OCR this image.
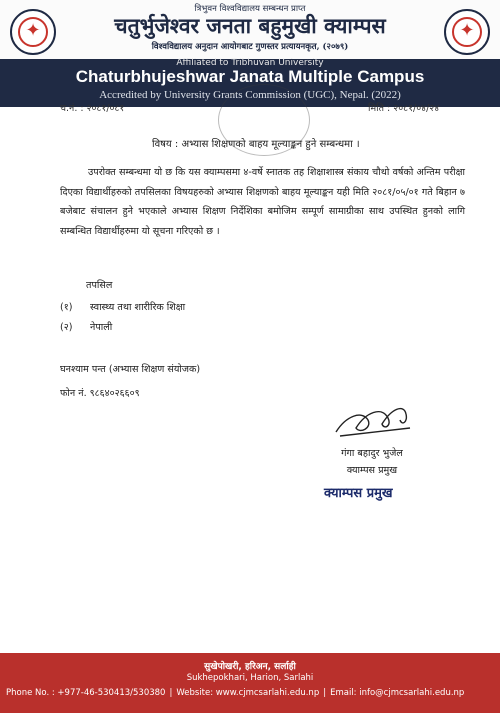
✦
✦
त्रिभुवन विश्वविद्यालय सम्बन्धन प्राप्त
चतुर्भुजेश्वर जनता बहुमुखी क्याम्पस
विश्वविद्यालय अनुदान आयोगबाट गुणस्तर प्रत्यायनकृत, (२०७९)
Affiliated to Tribhuvan University
Chaturbhujeshwar Janata Multiple Campus
Accredited by University Grants Commission (UGC), Nepal. (2022)
च.नं. : २०८१/०८१	मिति : २०८१/०४/२४
विषय : अभ्यास शिक्षणको बाहय मूल्याङ्कन हुने सम्बन्धमा ।
उपरोक्त सम्बन्धमा यो छ कि यस क्याम्पसमा ४-वर्षे स्नातक तह शिक्षाशास्त्र संकाय चौथो वर्षको अन्तिम परीक्षा दिएका विद्यार्थीहरुको तपसिलका विषयहरुको अभ्यास शिक्षणको बाहय मूल्याङ्कन यही मिति २०८१/०५/०१ गते बिहान ७ बजेबाट संचालन हुने भएकाले अभ्यास शिक्षण निर्देशिका बमोजिम सम्पूर्ण सामाग्रीका साथ उपस्थित हुनको लागि सम्बन्धित विद्यार्थीहरुमा यो सूचना गरिएको छ ।
तपसिल
(१) स्वास्थ्य तथा शारीरिक शिक्षा
(२) नेपाली
घनश्याम पन्त (अभ्यास शिक्षण संयोजक)
फोन नं. ९८६४०२६६०९
गंगा बहादुर भुजेल
क्याम्पस प्रमुख
क्याम्पस प्रमुख
सुखेपोखरी, हरिअन, सर्लाही
Sukhepokhari, Harion, Sarlahi
Phone No. : +977-46-530413/530380 | Website: www.cjmcsarlahi.edu.np | Email: info@cjmcsarlahi.edu.np
